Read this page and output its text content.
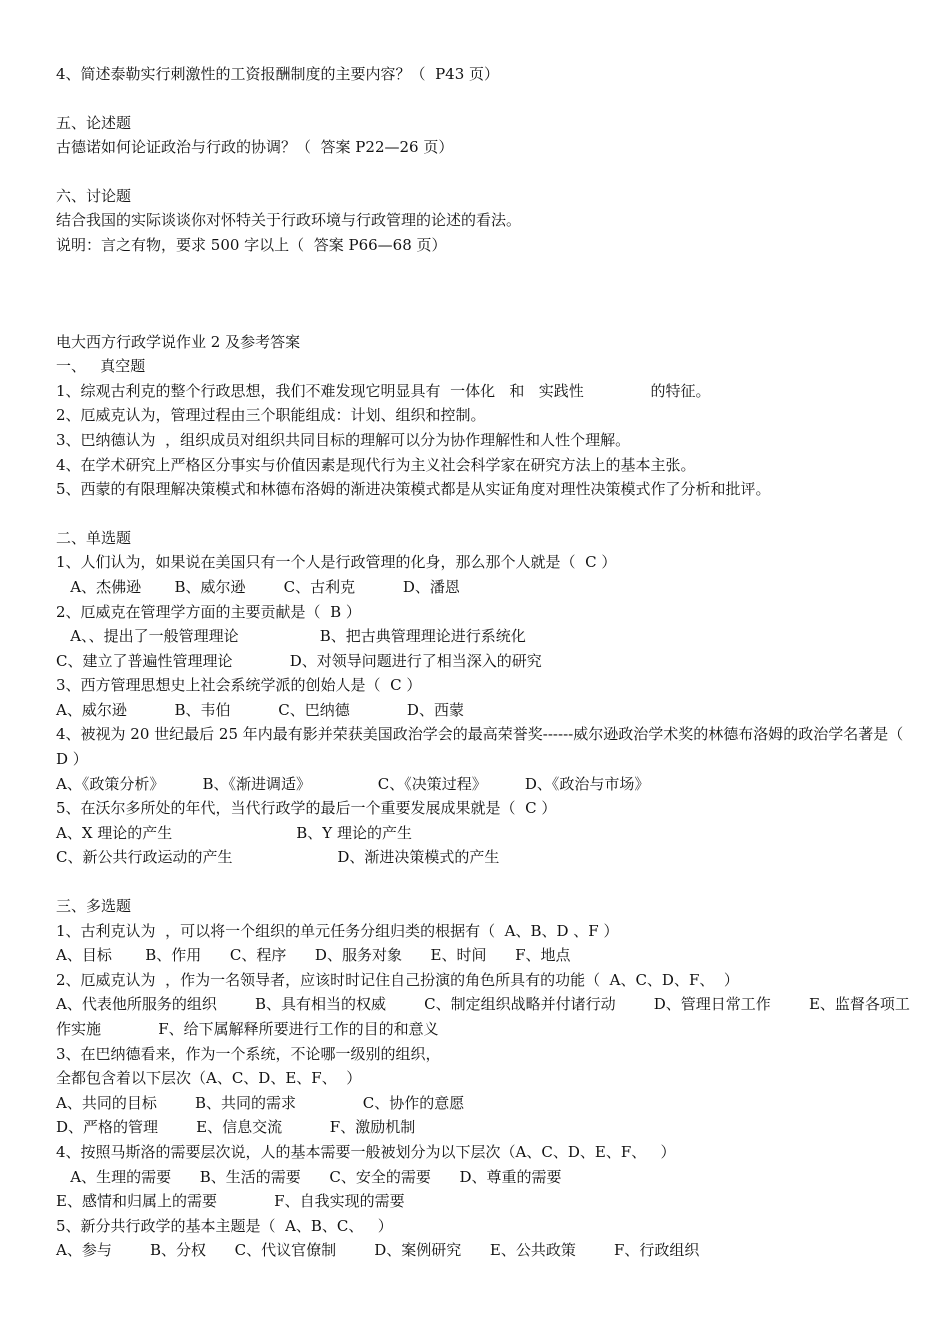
4、简述泰勒实行刺激性的工资报酬制度的主要内容？（  P43 页）
五、论述题
古德诺如何论证政治与行政的协调？（  答案 P22—26 页）
六、讨论题
结合我国的实际谈谈你对怀特关于行政环境与行政管理的论述的看法。
说明：言之有物，要求 500 字以上（  答案 P66—68 页）
电大西方行政学说作业 2 及参考答案
一、   真空题
1、综观古利克的整个行政思想，我们不难发现它明显具有  一体化   和   实践性              的特征。
2、厄威克认为，管理过程由三个职能组成：计划、组织和控制。
3、巴纳德认为  ，组织成员对组织共同目标的理解可以分为协作理解性和人性个理解。
4、在学术研究上严格区分事实与价值因素是现代行为主义社会科学家在研究方法上的基本主张。
5、西蒙的有限理解决策模式和林德布洛姆的渐进决策模式都是从实证角度对理性决策模式作了分析和批评。
二、单选题
1、人们认为，如果说在美国只有一个人是行政管理的化身，那么那个人就是（  C ）
A、杰佛逊       B、威尔逊        C、古利克          D、潘恩
2、厄威克在管理学方面的主要贡献是（  B ）
A、、提出了一般管理理论                 B、把古典管理理论进行系统化
C、建立了普遍性管理理论            D、对领导问题进行了相当深入的研究
3、西方管理思想史上社会系统学派的创始人是（  C ）
A、威尔逊          B、韦伯          C、巴纳德            D、西蒙
4、被视为 20 世纪最后 25 年内最有影并荣获美国政治学会的最高荣誉奖------威尔逊政治学术奖的林德布洛姆的政治学名著是（  D ）
A、《政策分析》        B、《渐进调适》              C、《决策过程》        D、《政治与市场》
5、在沃尔多所处的年代，当代行政学的最后一个重要发展成果就是（  C ）
A、X 理论的产生                          B、Y 理论的产生
C、新公共行政运动的产生                      D、渐进决策模式的产生
三、多选题
1、古利克认为  ，可以将一个组织的单元任务分组归类的根据有（  A、B、D 、F ）
A、目标       B、作用      C、程序      D、服务对象      E、时间      F、地点
2、厄威克认为  ，作为一名领导者，应该时时记住自己扮演的角色所具有的功能（  A、C、D、F、  ）
A、代表他所服务的组织        B、具有相当的权威        C、制定组织战略并付诸行动        D、管理日常工作        E、监督各项工作实施            F、给下属解释所要进行工作的目的和意义
3、在巴纳德看来，作为一个系统，不论哪一级别的组织，
全都包含着以下层次（A、C、D、E、F、  ）
A、共同的目标        B、共同的需求              C、协作的意愿
D、严格的管理        E、信息交流          F、激励机制
4、按照马斯洛的需要层次说，人的基本需要一般被划分为以下层次（A、C、D、E、F、   ）
A、生理的需要      B、生活的需要      C、安全的需要      D、尊重的需要
E、感情和归属上的需要            F、自我实现的需要
5、新分共行政学的基本主题是（  A、B、C、   ）
A、参与        B、分权      C、代议官僚制        D、案例研究      E、公共政策        F、行政组织
